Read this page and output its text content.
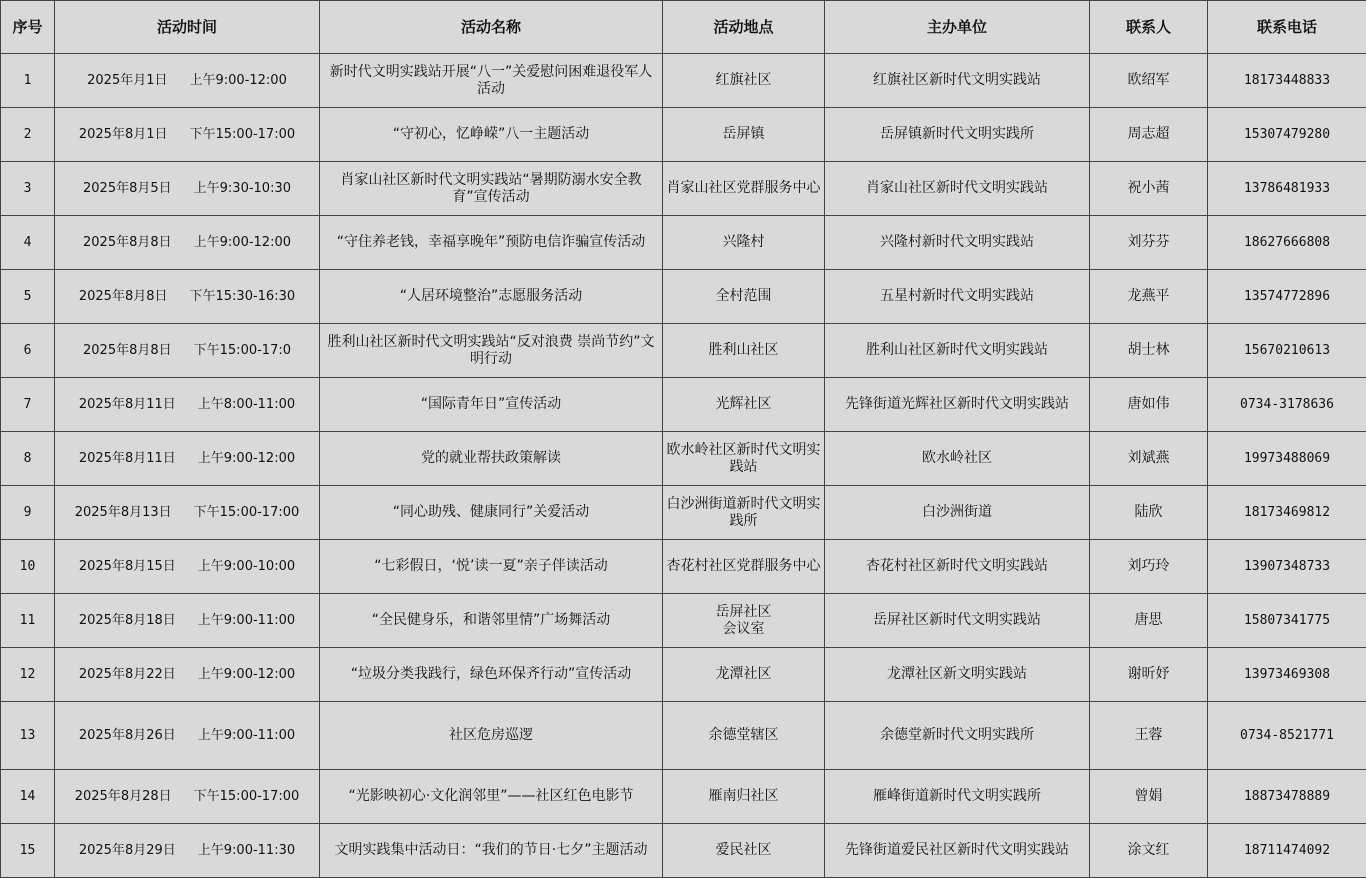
序号	活动时间	活动名称	活动地点	主办单位	联系人	联系电话
1	2025年月1日 上午9:00-12:00	新时代文明实践站开展“八一”关爱慰问困难退役军人活动	红旗社区	红旗社区新时代文明实践站	欧绍军	18173448833
2	2025年8月1日 下午15:00-17:00	“守初心，忆峥嵘”八一主题活动	岳屏镇	岳屏镇新时代文明实践所	周志超	15307479280
3	2025年8月5日 上午9:30-10:30	肖家山社区新时代文明实践站“暑期防溺水安全教育”宣传活动	肖家山社区党群服务中心	肖家山社区新时代文明实践站	祝小茜	13786481933
4	2025年8月8日 上午9:00-12:00	“守住养老钱，幸福享晚年”预防电信诈骗宣传活动	兴隆村	兴隆村新时代文明实践站	刘芬芬	18627666808
5	2025年8月8日 下午15:30-16:30	“人居环境整治”志愿服务活动	全村范围	五星村新时代文明实践站	龙燕平	13574772896
6	2025年8月8日 下午15:00-17:0	胜利山社区新时代文明实践站“反对浪费 崇尚节约”文明行动	胜利山社区	胜利山社区新时代文明实践站	胡士林	15670210613
7	2025年8月11日 上午8:00-11:00	“国际青年日”宣传活动	光辉社区	先锋街道光辉社区新时代文明实践站	唐如伟	0734-3178636
8	2025年8月11日 上午9:00-12:00	党的就业帮扶政策解读	欧水岭社区新时代文明实践站	欧水岭社区	刘斌燕	19973488069
9	2025年8月13日 下午15:00-17:00	“同心助残、健康同行”关爱活动	白沙洲街道新时代文明实践所	白沙洲街道	陆欣	18173469812
10	2025年8月15日 上午9:00-10:00	“七彩假日，‘悦’读一夏”亲子伴读活动	杏花村社区党群服务中心	杏花村社区新时代文明实践站	刘巧玲	13907348733
11	2025年8月18日 上午9:00-11:00	“全民健身乐，和谐邻里情”广场舞活动	岳屏社区
会议室	岳屏社区新时代文明实践站	唐思	15807341775
12	2025年8月22日 上午9:00-12:00	“垃圾分类我践行，绿色环保齐行动”宣传活动	龙潭社区	龙潭社区新文明实践站	谢昕妤	13973469308
13	2025年8月26日 上午9:00-11:00	社区危房巡逻	余德堂辖区	余德堂新时代文明实践所	王蓉	0734-8521771
14	2025年8月28日 下午15:00-17:00	“光影映初心·文化润邻里”——社区红色电影节	雁南归社区	雁峰街道新时代文明实践所	曾娟	18873478889
15	2025年8月29日 上午9:00-11:30	文明实践集中活动日：“我们的节日·七夕”主题活动	爱民社区	先锋街道爱民社区新时代文明实践站	涂文红	18711474092
